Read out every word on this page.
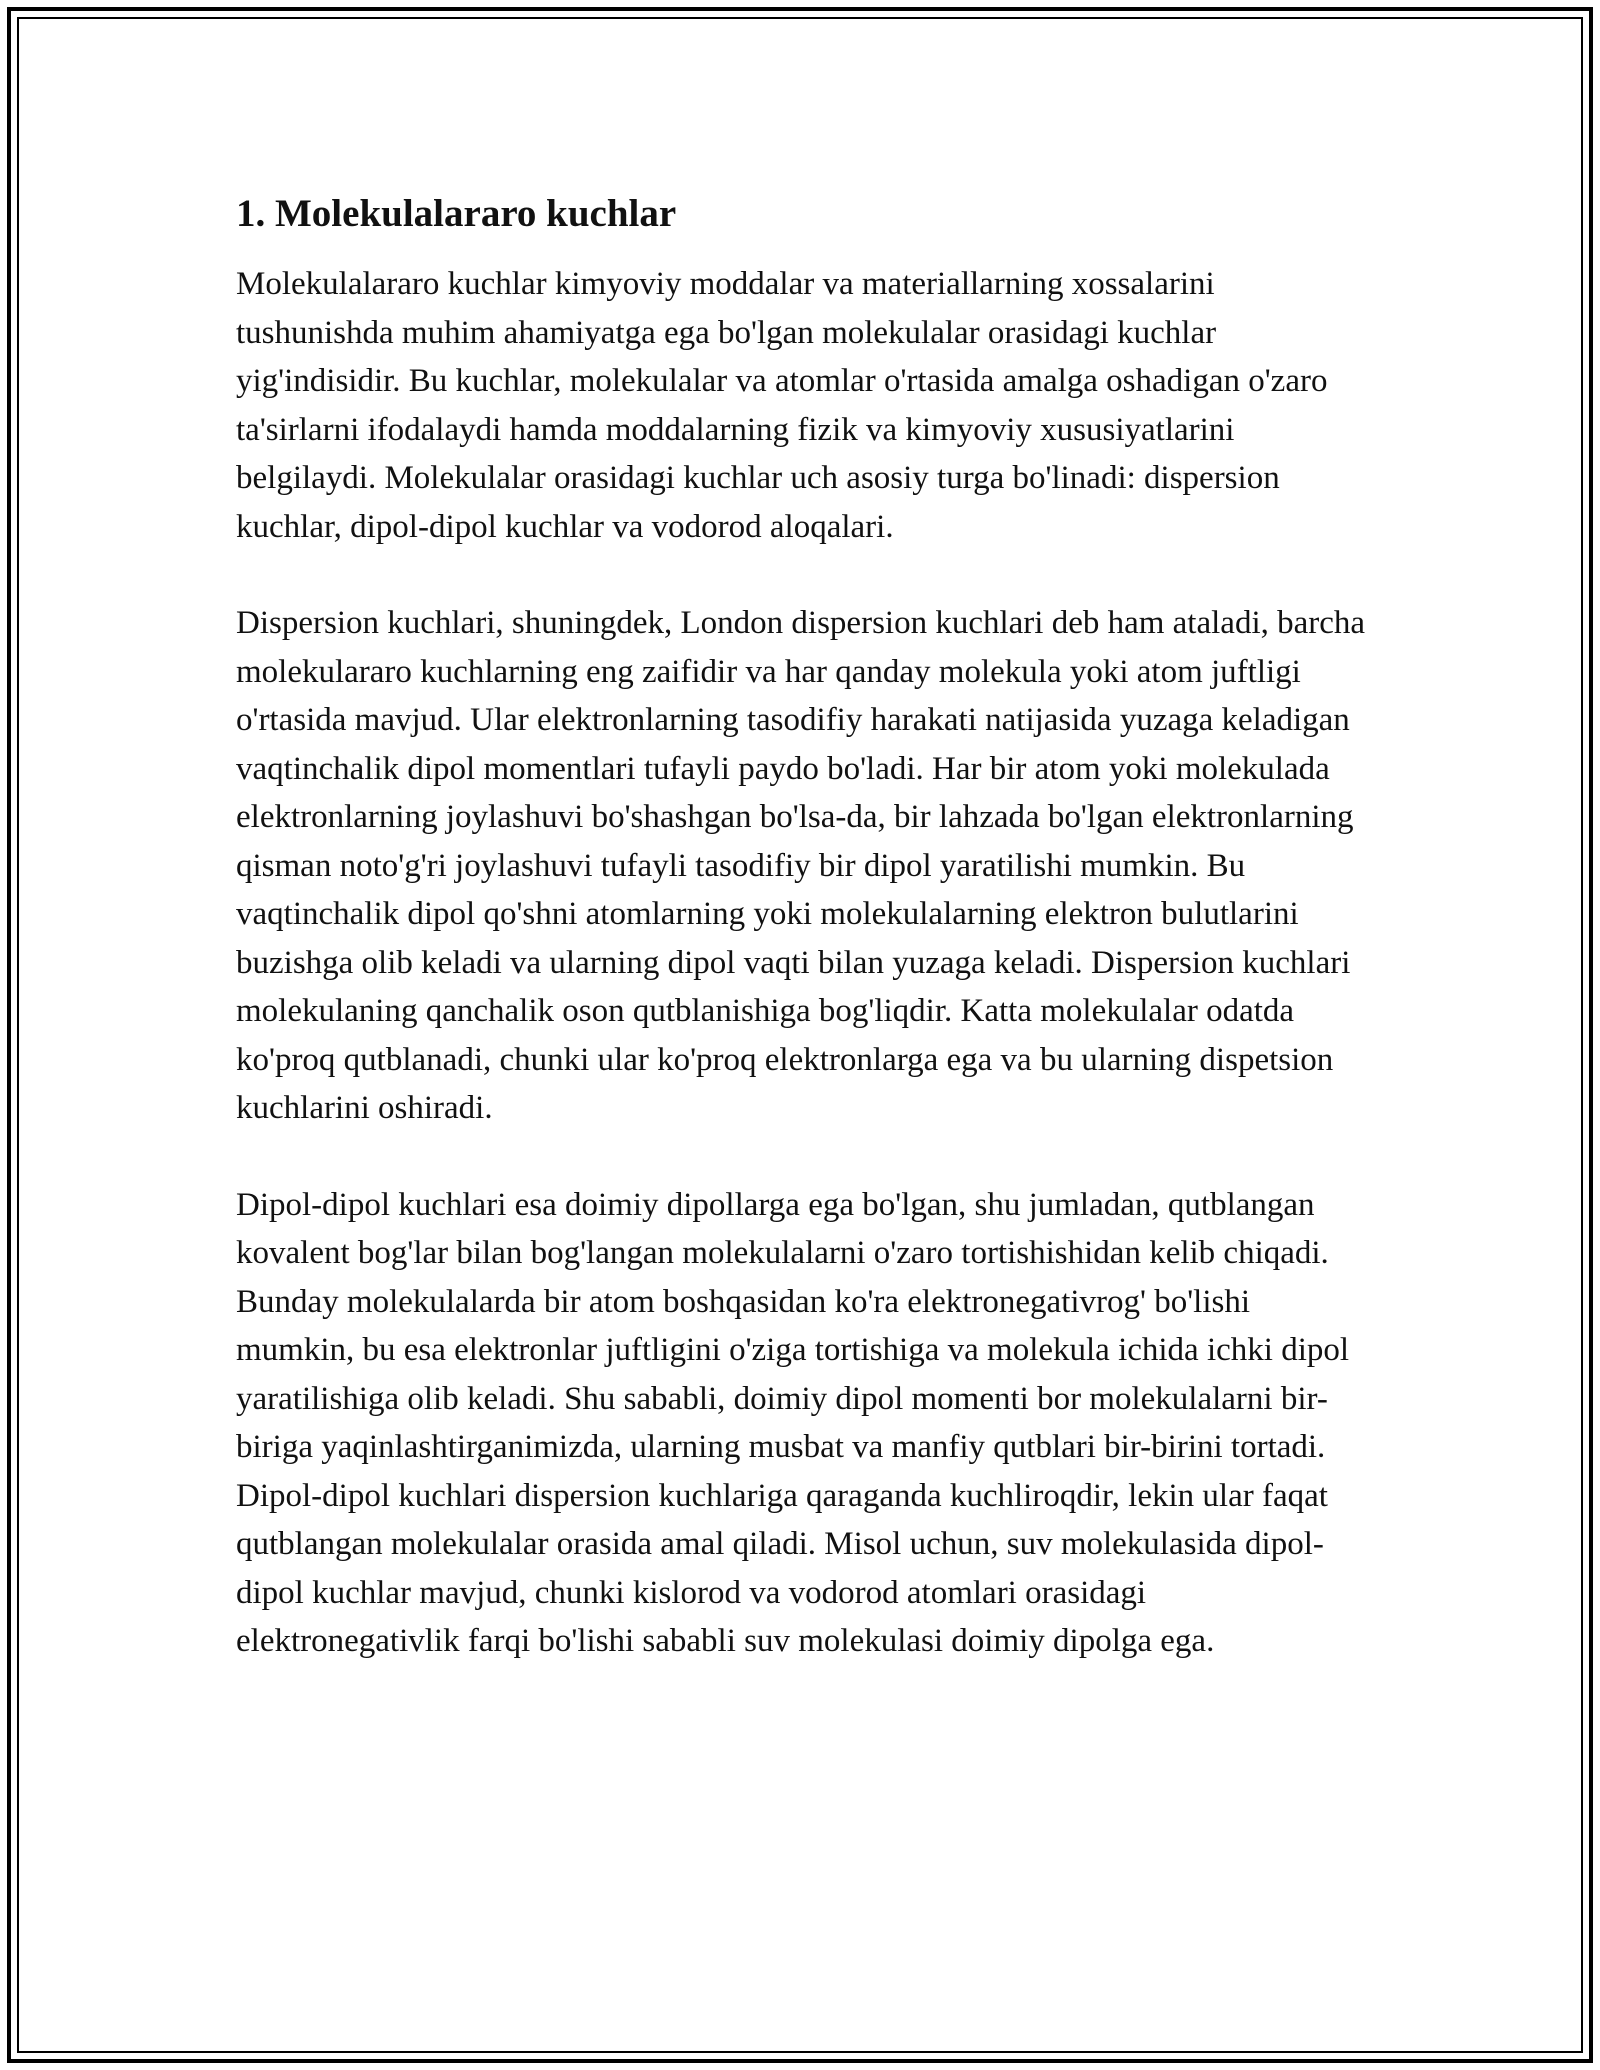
1. Molekulalararo kuchlar

Molekulalararo kuchlar kimyoviy moddalar va materiallarning xossalarini tushunishda muhim ahamiyatga ega bo'lgan molekulalar orasidagi kuchlar yig'indisidir. Bu kuchlar, molekulalar va atomlar o'rtasida amalga oshadigan o'zaro ta'sirlarni ifodalaydi hamda moddalarning fizik va kimyoviy xususiyatlarini belgilaydi. Molekulalar orasidagi kuchlar uch asosiy turga bo'linadi: dispersion kuchlar, dipol-dipol kuchlar va vodorod aloqalari.

Dispersion kuchlari, shuningdek, London dispersion kuchlari deb ham ataladi, barcha molekulararo kuchlarning eng zaifidir va har qanday molekula yoki atom juftligi o'rtasida mavjud. Ular elektronlarning tasodifiy harakati natijasida yuzaga keladigan vaqtinchalik dipol momentlari tufayli paydo bo'ladi. Har bir atom yoki molekulada elektronlarning joylashuvi bo'shashgan bo'lsa-da, bir lahzada bo'lgan elektronlarning qisman noto'g'ri joylashuvi tufayli tasodifiy bir dipol yaratilishi mumkin. Bu vaqtinchalik dipol qo'shni atomlarning yoki molekulalarning elektron bulutlarini buzishga olib keladi va ularning dipol vaqti bilan yuzaga keladi. Dispersion kuchlari molekulaning qanchalik oson qutblanishiga bog'liqdir. Katta molekulalar odatda ko'proq qutblanadi, chunki ular ko'proq elektronlarga ega va bu ularning dispetsion kuchlarini oshiradi.

Dipol-dipol kuchlari esa doimiy dipollarga ega bo'lgan, shu jumladan, qutblangan kovalent bog'lar bilan bog'langan molekulalarni o'zaro tortishishidan kelib chiqadi. Bunday molekulalarda bir atom boshqasidan ko'ra elektronegativrog' bo'lishi mumkin, bu esa elektronlar juftligini o'ziga tortishiga va molekula ichida ichki dipol yaratilishiga olib keladi. Shu sababli, doimiy dipol momenti bor molekulalarni bir-biriga yaqinlashtirganimizda, ularning musbat va manfiy qutblari bir-birini tortadi. Dipol-dipol kuchlari dispersion kuchlariga qaraganda kuchliroqdir, lekin ular faqat qutblangan molekulalar orasida amal qiladi. Misol uchun, suv molekulasida dipol-dipol kuchlar mavjud, chunki kislorod va vodorod atomlari orasidagi elektronegativlik farqi bo'lishi sababli suv molekulasi doimiy dipolga ega.
